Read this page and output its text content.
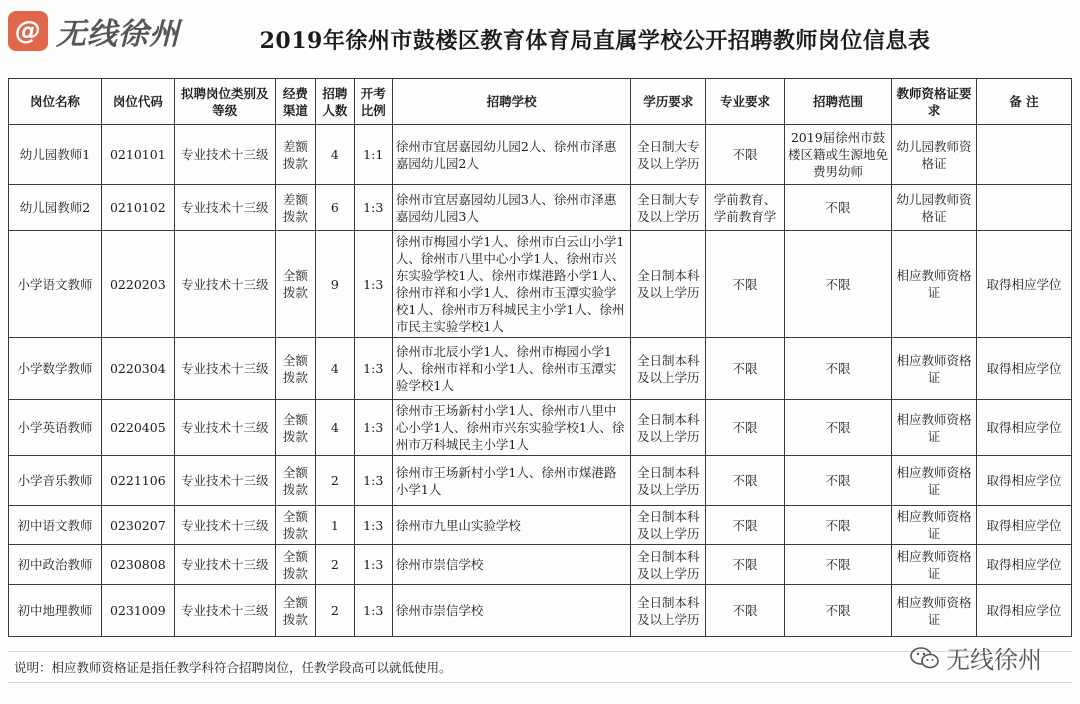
@ 无线徐州	2019年徐州市鼓楼区教育体育局直属学校公开招聘教师岗位信息表
岗位名称	岗位代码	拟聘岗位类别及等级	经费渠道	招聘人数	开考比例	招聘学校	学历要求	专业要求	招聘范围	教师资格证要求	备 注
幼儿园教师1	0210101	专业技术十三级	差额拨款	4	1:1	徐州市宜居嘉园幼儿园2人、徐州市泽惠嘉园幼儿园2人	全日制大专及以上学历	不限	2019届徐州市鼓楼区籍或生源地免费男幼师	幼儿园教师资格证	
幼儿园教师2	0210102	专业技术十三级	差额拨款	6	1:3	徐州市宜居嘉园幼儿园3人、徐州市泽惠嘉园幼儿园3人	全日制大专及以上学历	学前教育、学前教育学	不限	幼儿园教师资格证	
小学语文教师	0220203	专业技术十三级	全额拨款	9	1:3	徐州市梅园小学1人、徐州市白云山小学1人、徐州市八里中心小学1人、徐州市兴东实验学校1人、徐州市煤港路小学1人、徐州市祥和小学1人、徐州市玉潭实验学校1人、徐州市万科城民主小学1人、徐州市民主实验学校1人	全日制本科及以上学历	不限	不限	相应教师资格证	取得相应学位
小学数学教师	0220304	专业技术十三级	全额拨款	4	1:3	徐州市北辰小学1人、徐州市梅园小学1人、徐州市祥和小学1人、徐州市玉潭实验学校1人	全日制本科及以上学历	不限	不限	相应教师资格证	取得相应学位
小学英语教师	0220405	专业技术十三级	全额拨款	4	1:3	徐州市王场新村小学1人、徐州市八里中心小学1人、徐州市兴东实验学校1人、徐州市万科城民主小学1人	全日制本科及以上学历	不限	不限	相应教师资格证	取得相应学位
小学音乐教师	0221106	专业技术十三级	全额拨款	2	1:3	徐州市王场新村小学1人、徐州市煤港路小学1人	全日制本科及以上学历	不限	不限	相应教师资格证	取得相应学位
初中语文教师	0230207	专业技术十三级	全额拨款	1	1:3	徐州市九里山实验学校	全日制本科及以上学历	不限	不限	相应教师资格证	取得相应学位
初中政治教师	0230808	专业技术十三级	全额拨款	2	1:3	徐州市崇信学校	全日制本科及以上学历	不限	不限	相应教师资格证	取得相应学位
初中地理教师	0231009	专业技术十三级	全额拨款	2	1:3	徐州市崇信学校	全日制本科及以上学历	不限	不限	相应教师资格证	取得相应学位
说明：相应教师资格证是指任教学科符合招聘岗位，任教学段高可以就低使用。	无线徐州
